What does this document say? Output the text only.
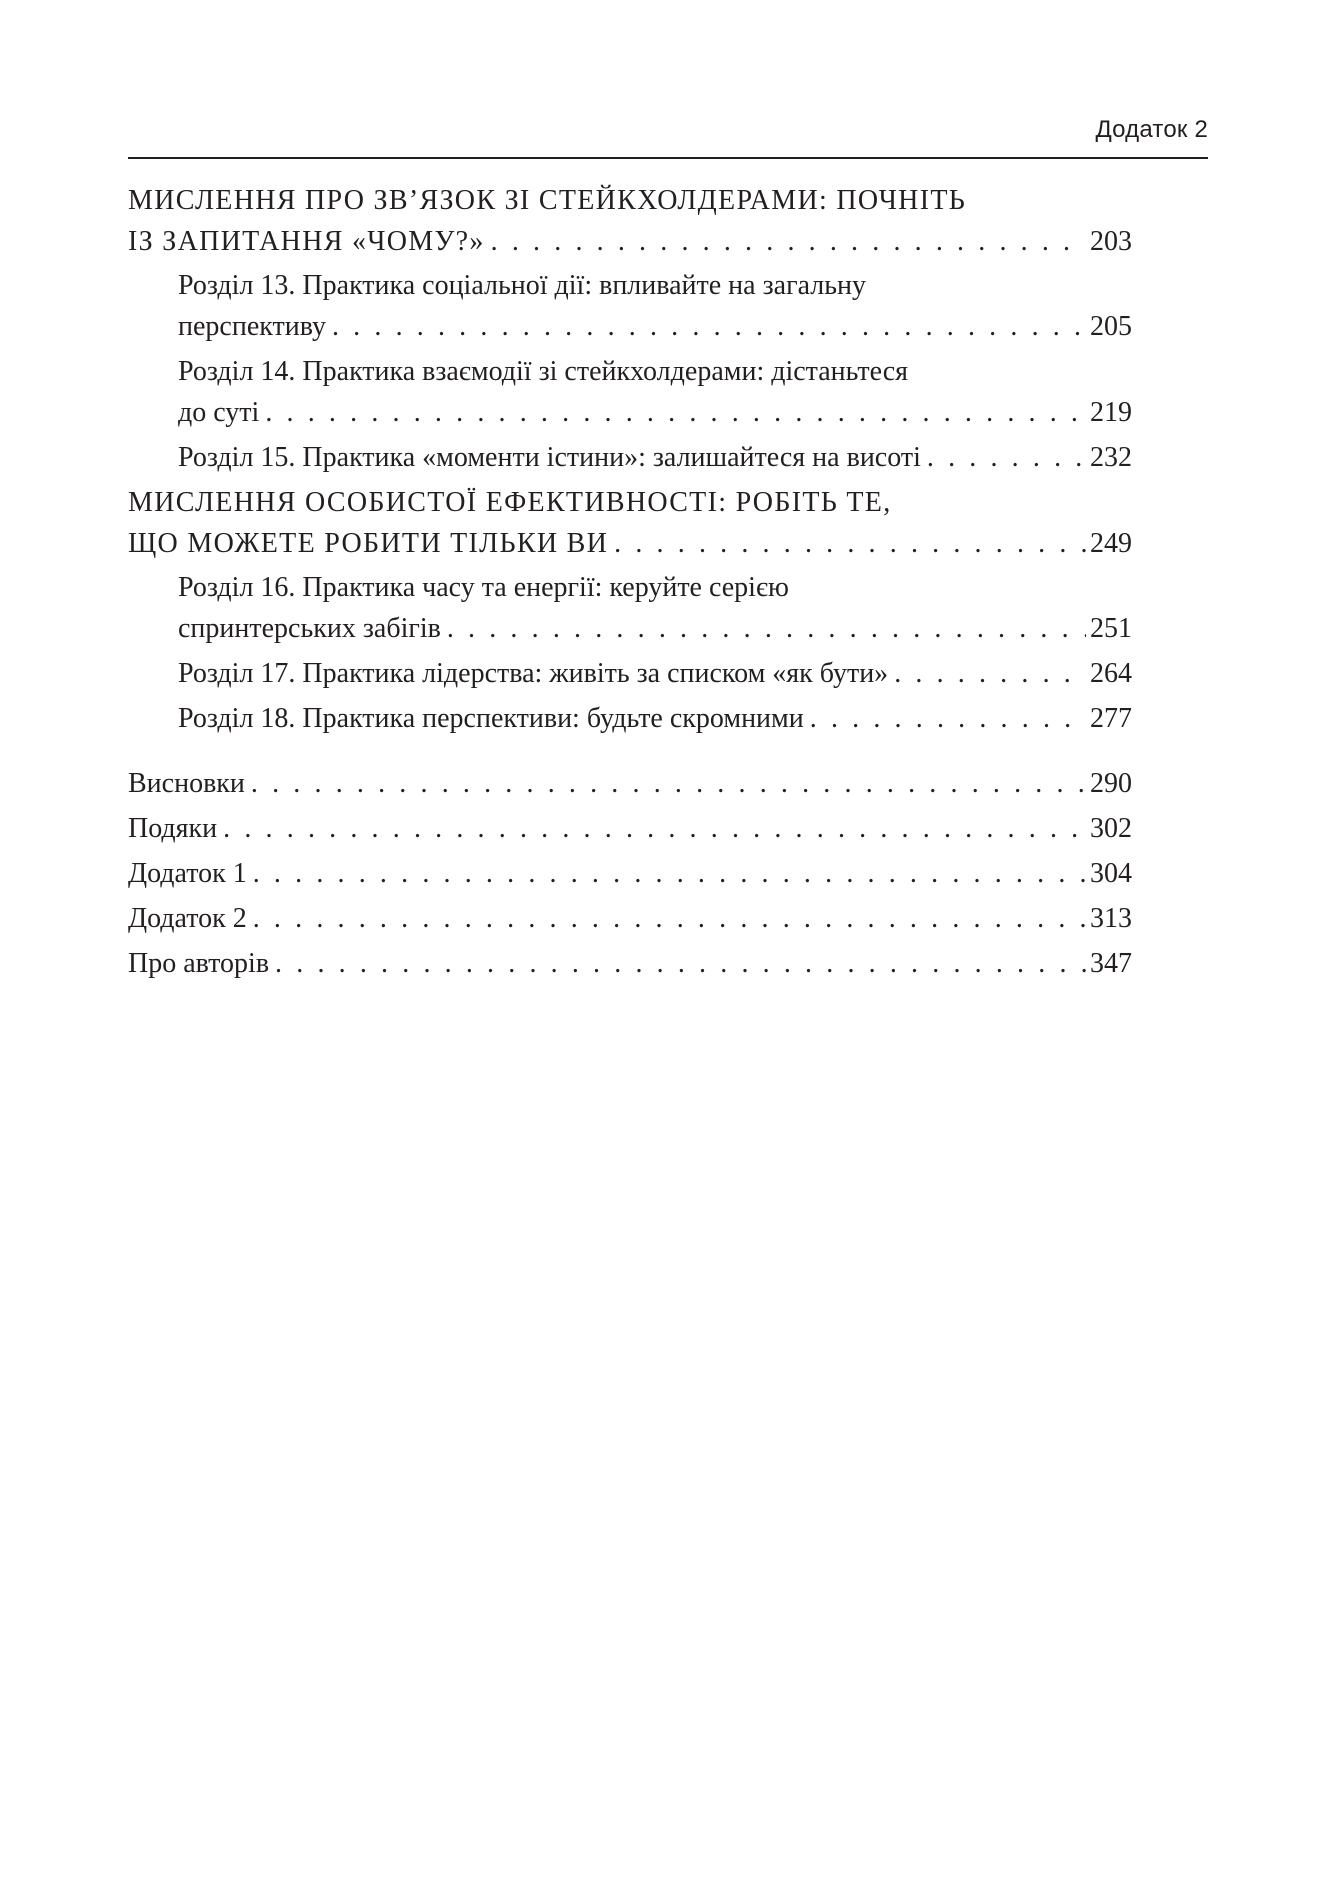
Додаток 2
МИСЛЕННЯ ПРО ЗВ’ЯЗОК ЗІ СТЕЙКХОЛДЕРАМИ: ПОЧНІТЬ
ІЗ ЗАПИТАННЯ «ЧОМУ?» . . .	203
Розділ 13. Практика соціальної дії: впливайте на загальну
перспективу . . .	205
Розділ 14. Практика взаємодії зі стейкхолдерами: дістаньтеся
до суті . . .	219
Розділ 15. Практика «моменти істини»: залишайтеся на висоті . . .	232
МИСЛЕННЯ ОСОБИСТОЇ ЕФЕКТИВНОСТІ: РОБІТЬ ТЕ,
ЩО МОЖЕТЕ РОБИТИ ТІЛЬКИ ВИ . . .	249
Розділ 16. Практика часу та енергії: керуйте серією
спринтерських забігів . . .	251
Розділ 17. Практика лідерства: живіть за списком «як бути» . . .	264
Розділ 18. Практика перспективи: будьте скромними . . .	277
Висновки . . .	290
Подяки . . .	302
Додаток 1 . . .	304
Додаток 2 . . .	313
Про авторів . . .	347
